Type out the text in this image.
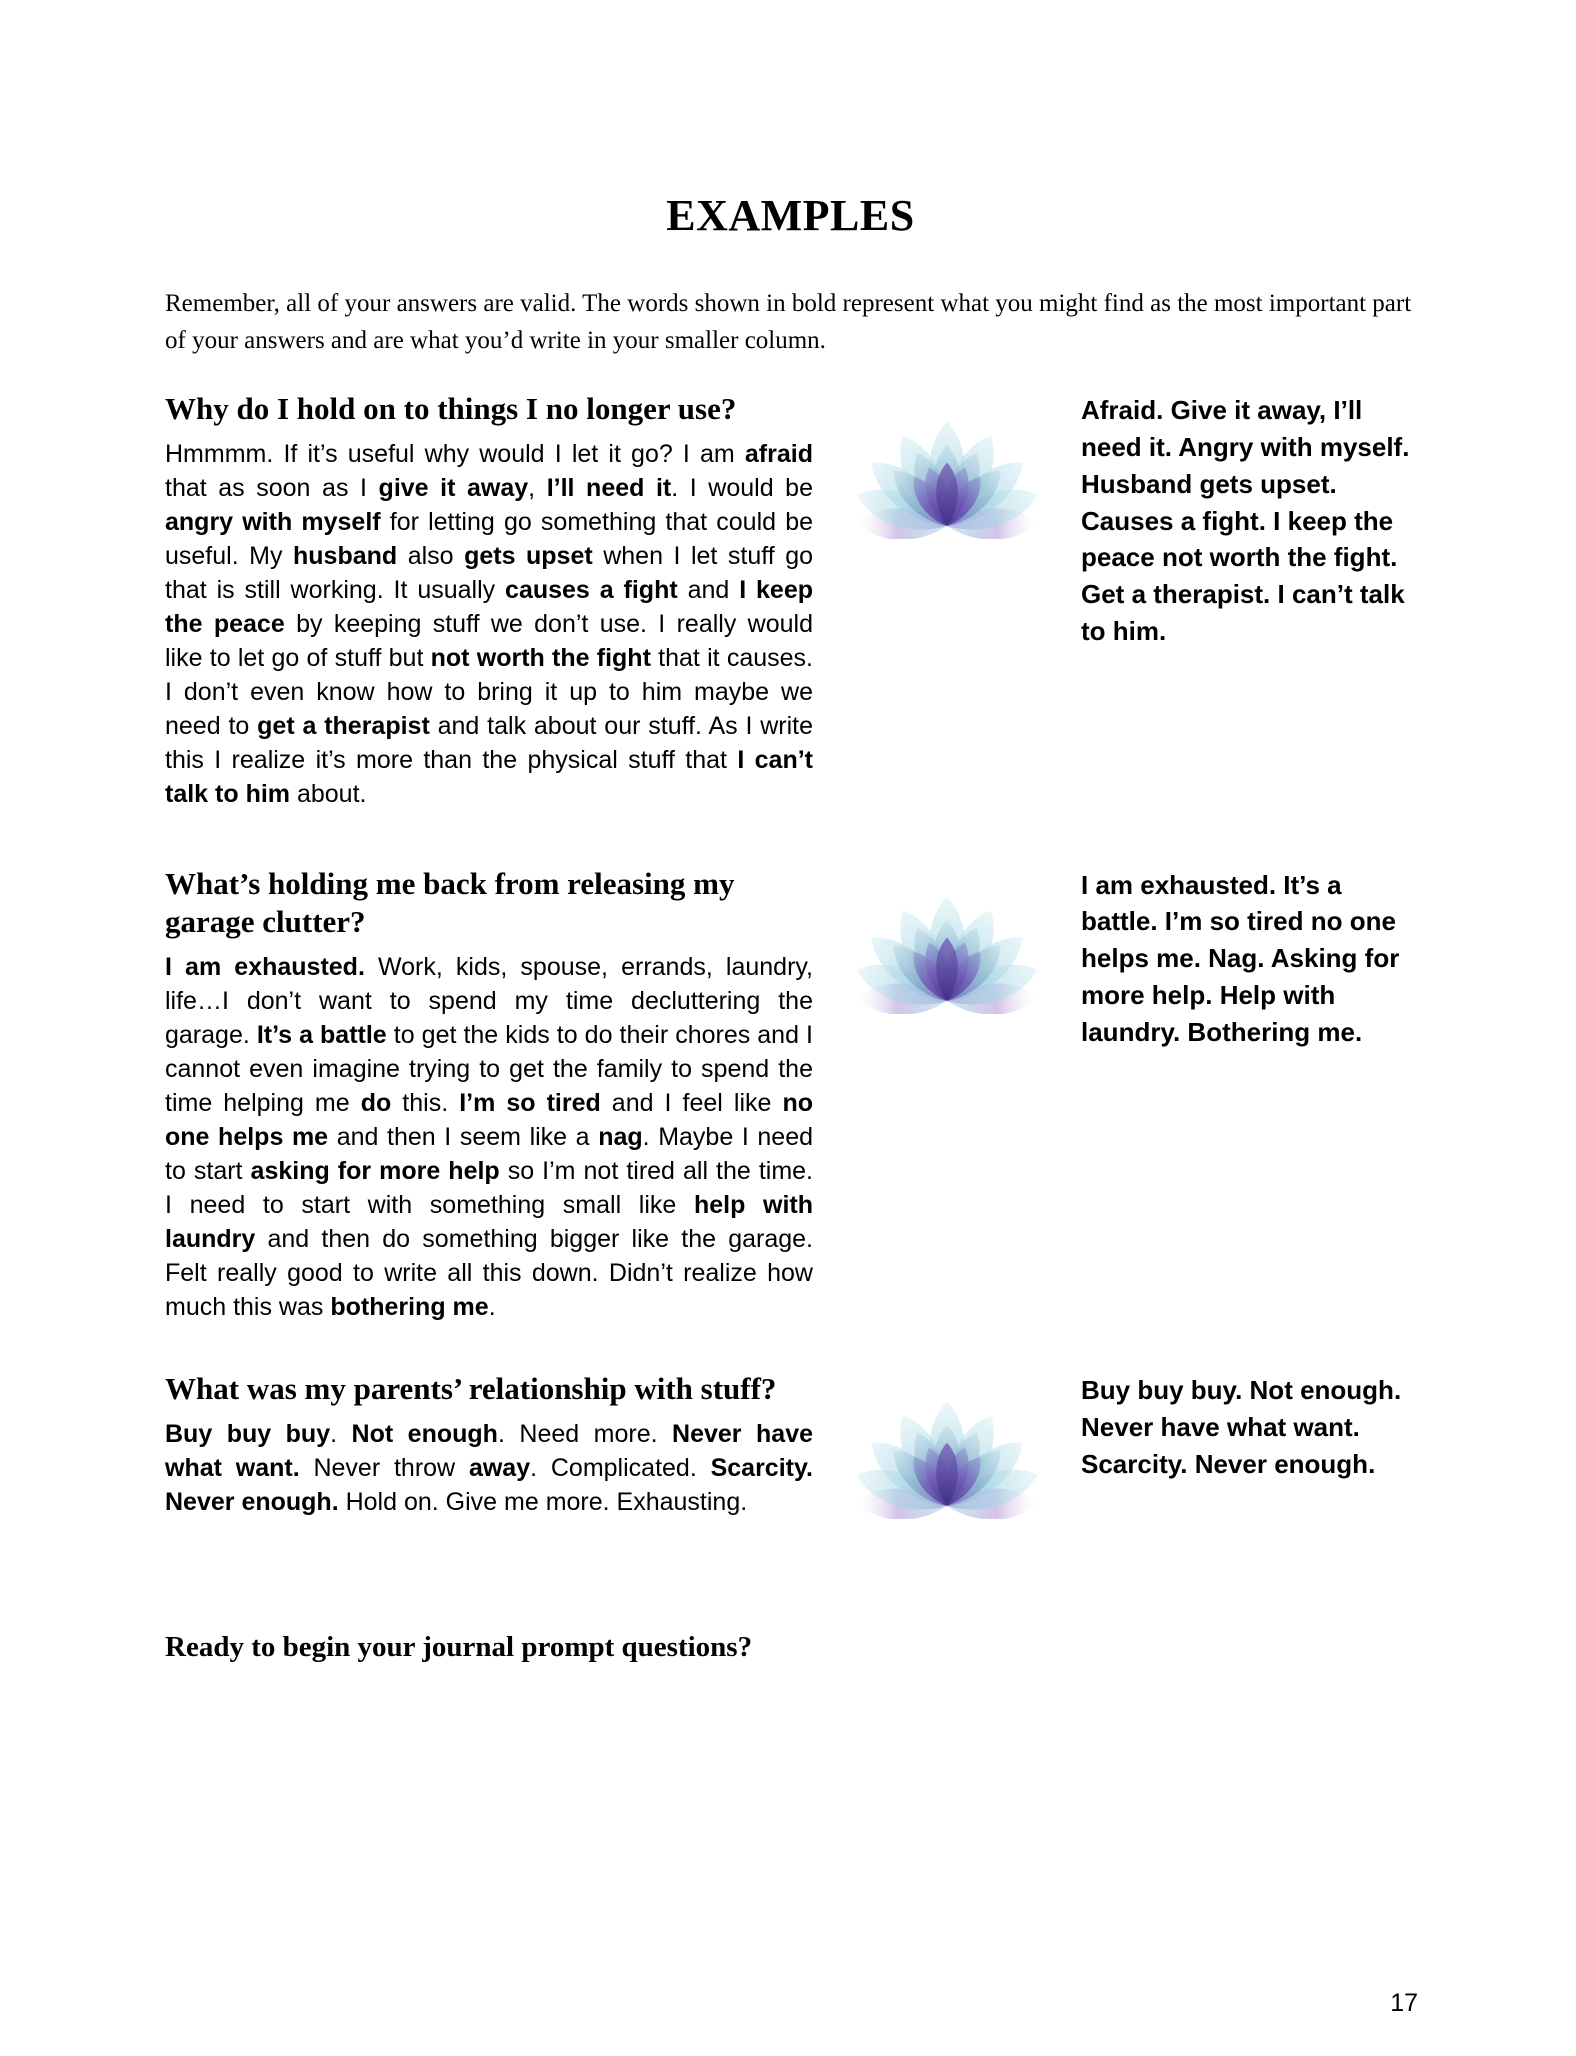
EXAMPLES

Remember, all of your answers are valid. The words shown in bold represent what you might find as the most important part of your answers and are what you’d write in your smaller column.

Why do I hold on to things I no longer use?

Hmmmm. If it’s useful why would I let it go? I am afraid that as soon as I give it away, I’ll need it. I would be angry with myself for letting go something that could be useful. My husband also gets upset when I let stuff go that is still working. It usually causes a fight and I keep the peace by keeping stuff we don’t use. I really would like to let go of stuff but not worth the fight that it causes. I don’t even know how to bring it up to him maybe we need to get a therapist and talk about our stuff. As I write this I realize it’s more than the physical stuff that I can’t talk to him about.

Afraid. Give it away, I’ll need it. Angry with myself. Husband gets upset. Causes a fight. I keep the peace not worth the fight. Get a therapist. I can’t talk to him.
What’s holding me back from releasing my garage clutter?

I am exhausted. Work, kids, spouse, errands, laundry, life…I don’t want to spend my time decluttering the garage. It’s a battle to get the kids to do their chores and I cannot even imagine trying to get the family to spend the time helping me do this. I’m so tired and I feel like no one helps me and then I seem like a nag. Maybe I need to start asking for more help so I’m not tired all the time. I need to start with something small like help with laundry and then do something bigger like the garage. Felt really good to write all this down. Didn’t realize how much this was bothering me.

I am exhausted. It’s a battle. I’m so tired no one helps me. Nag. Asking for more help. Help with laundry. Bothering me.
What was my parents’ relationship with stuff?

Buy buy buy. Not enough. Need more. Never have what want. Never throw away. Complicated. Scarcity. Never enough. Hold on. Give me more. Exhausting.

Buy buy buy. Not enough. Never have what want. Scarcity. Never enough.

Ready to begin your journal prompt questions?

17
